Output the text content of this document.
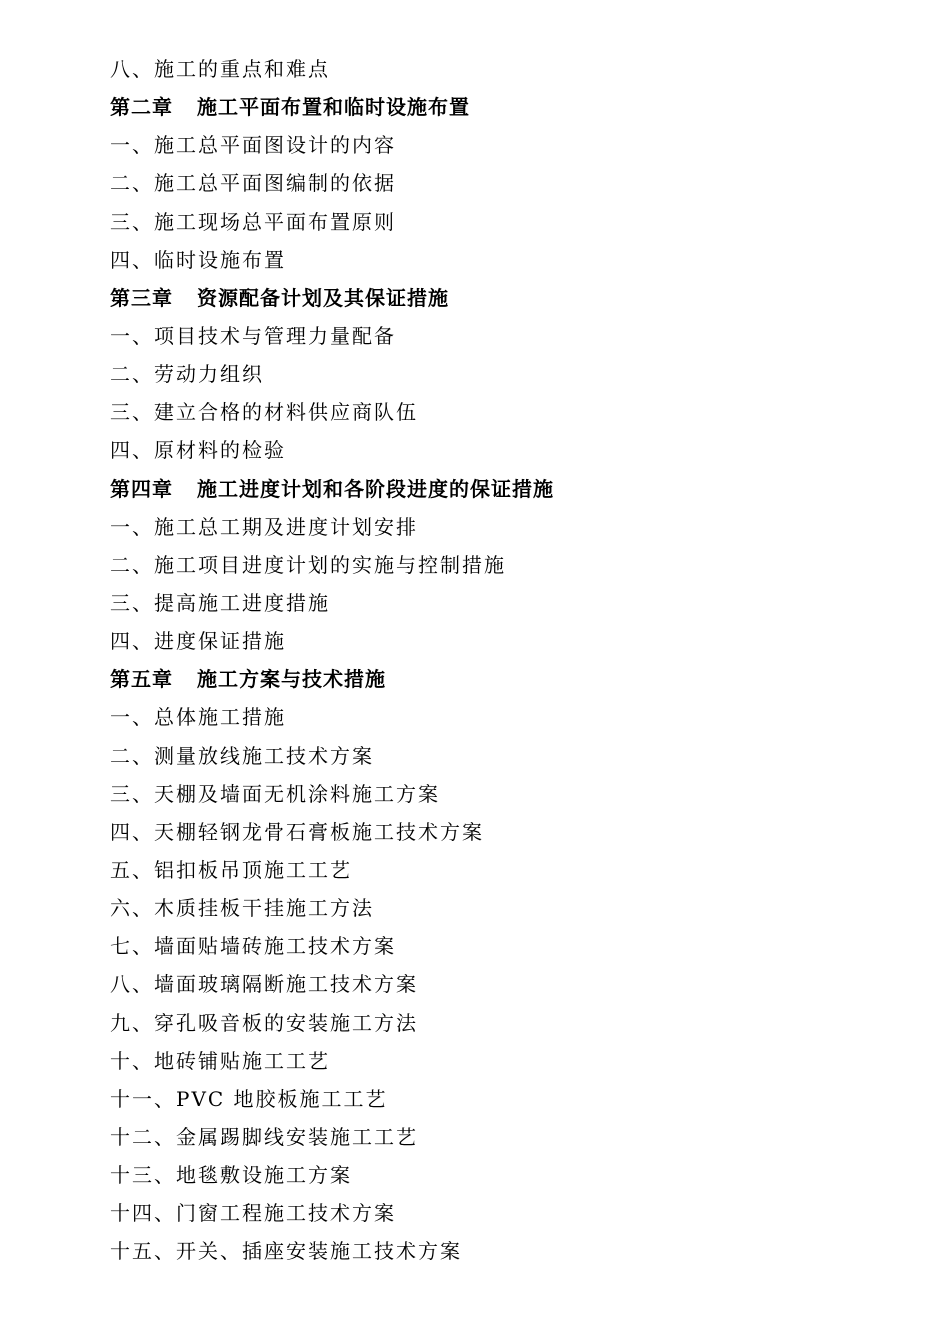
八、施工的重点和难点
第二章 施工平面布置和临时设施布置
一、施工总平面图设计的内容
二、施工总平面图编制的依据
三、施工现场总平面布置原则
四、临时设施布置
第三章 资源配备计划及其保证措施
一、项目技术与管理力量配备
二、劳动力组织
三、建立合格的材料供应商队伍
四、原材料的检验
第四章 施工进度计划和各阶段进度的保证措施
一、施工总工期及进度计划安排
二、施工项目进度计划的实施与控制措施
三、提高施工进度措施
四、进度保证措施
第五章 施工方案与技术措施
一、总体施工措施
二、测量放线施工技术方案
三、天棚及墙面无机涂料施工方案
四、天棚轻钢龙骨石膏板施工技术方案
五、铝扣板吊顶施工工艺
六、木质挂板干挂施工方法
七、墙面贴墙砖施工技术方案
八、墙面玻璃隔断施工技术方案
九、穿孔吸音板的安装施工方法
十、地砖铺贴施工工艺
十一、PVC 地胶板施工工艺
十二、金属踢脚线安装施工工艺
十三、地毯敷设施工方案
十四、门窗工程施工技术方案
十五、开关、插座安装施工技术方案
